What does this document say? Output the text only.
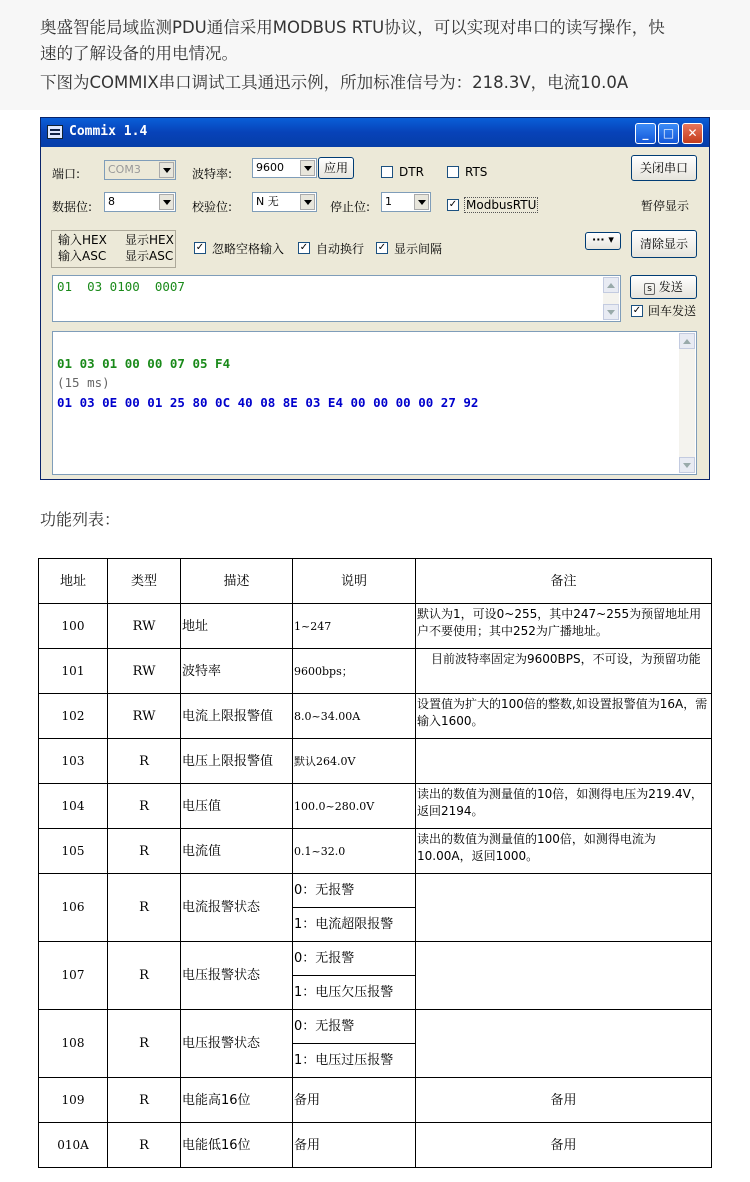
奥盛智能局域监测PDU通信采用MODBUS RTU协议，可以实现对串口的读写操作，快

速的了解设备的用电情况。

下图为COMMIX串口调试工具通迅示例，所加标准信号为：218.3V，电流10.0A

Commix 1.4	_	□	✕
端口:	COM3	波特率:	9600	应用	DTR	RTS	关闭串口
数据位:	8	校验位:	N 无	停止位:	1	✓ ModbusRTU	暂停显示
输入HEX
输入ASC
显示HEX
显示ASC
✓ 忽略空格输入 ✓ 自动换行 ✓ 显示间隔
··· ▾	清除显示
01  03 0100  0007	s 发送
✓ 回车发送
01 03 01 00 00 07 05 F4
(15 ms)
01 03 0E 00 01 25 80 0C 40 08 8E 03 E4 00 00 00 00 27 92
功能列表：
地址	类型	描述	说明	备注
100	RW	地址	1~247	默认为1，可设0~255，其中247~255为预留地址用户不要使用；其中252为广播地址。
101	RW	波特率	9600bps；	目前波特率固定为9600BPS，不可设，为预留功能
102	RW	电流上限报警值	8.0~34.00A	设置值为扩大的100倍的整数,如设置报警值为16A，需输入1600。
103	R	电压上限报警值	默认264.0V	
104	R	电压值	100.0~280.0V	读出的数值为测量值的10倍，如测得电压为219.4V，返回2194。
105	R	电流值	0.1~32.0	读出的数值为测量值的100倍，如测得电流为10.00A，返回1000。
106	R	电流报警状态	0：无报警	
			1：电流超限报警	
107	R	电压报警状态	0：无报警	
			1：电压欠压报警	
108	R	电压报警状态	0：无报警	
			1：电压过压报警	
109	R	电能高16位	备用	备用
010A	R	电能低16位	备用	备用
